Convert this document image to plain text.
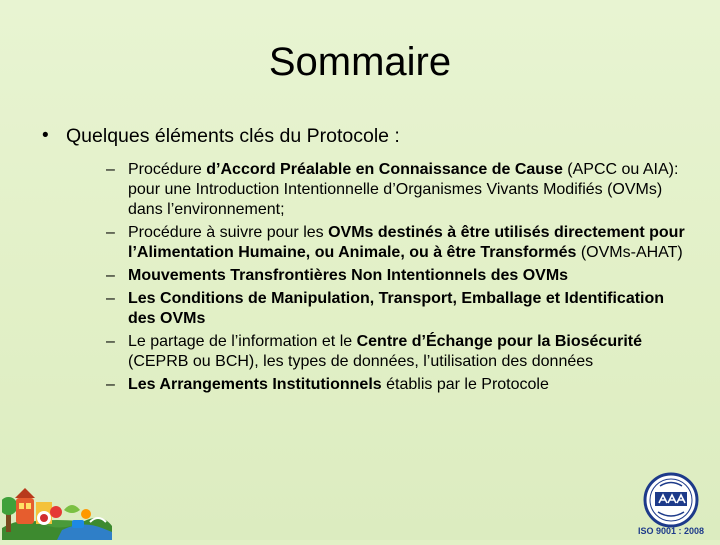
Sommaire
• Quelques éléments clés du Protocole :
– Procédure d’Accord Préalable en Connaissance de Cause (APCC ou AIA): pour une Introduction Intentionnelle d’Organismes Vivants Modifiés (OVMs) dans l’environnement;
– Procédure à suivre pour les OVMs destinés à être utilisés directement pour l’Alimentation Humaine, ou Animale, ou à être Transformés (OVMs-AHAT)
– Mouvements Transfrontières Non Intentionnels des OVMs
– Les Conditions de Manipulation, Transport, Emballage et Identification des OVMs
– Le partage de l’information et le Centre d’Échange pour la Biosécurité (CEPRB ou BCH), les types de données, l’utilisation des données
– Les Arrangements Institutionnels établis par le Protocole
ISO 9001 : 2008
